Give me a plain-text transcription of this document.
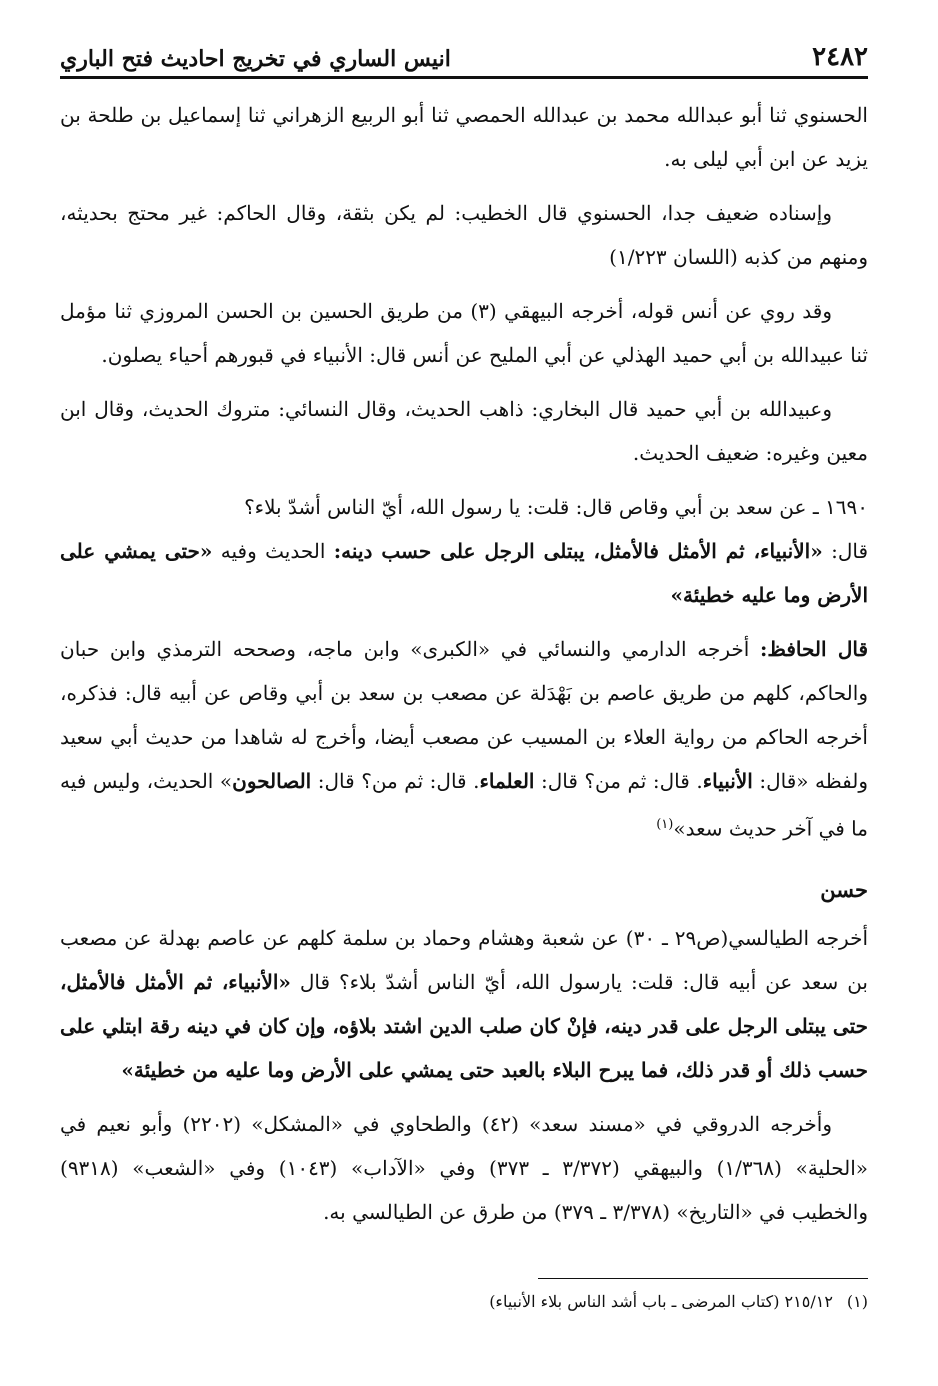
٢٤٨٢
انيس الساري في تخريج احاديث فتح الباري

الحسنوي ثنا أبو عبدالله محمد بن عبدالله الحمصي ثنا أبو الربيع الزهراني ثنا إسماعيل بن طلحة بن يزيد عن ابن أبي ليلى به.

وإسناده ضعيف جدا، الحسنوي قال الخطيب: لم يكن بثقة، وقال الحاكم: غير محتج بحديثه، ومنهم من كذبه (اللسان ١/٢٢٣)

وقد روي عن أنس قوله، أخرجه البيهقي (٣) من طريق الحسين بن الحسن المروزي ثنا مؤمل ثنا عبيدالله بن أبي حميد الهذلي عن أبي المليح عن أنس قال: الأنبياء في قبورهم أحياء يصلون.

وعبيدالله بن أبي حميد قال البخاري: ذاهب الحديث، وقال النسائي: متروك الحديث، وقال ابن معين وغيره: ضعيف الحديث.

١٦٩٠ ـ عن سعد بن أبي وقاص قال: قلت: يا رسول الله، أيّ الناس أشدّ بلاء؟
قال: «الأنبياء، ثم الأمثل فالأمثل، يبتلى الرجل على حسب دينه: الحديث وفيه «حتى يمشي على الأرض وما عليه خطيئة»

قال الحافظ: أخرجه الدارمي والنسائي في «الكبرى» وابن ماجه، وصححه الترمذي وابن حبان والحاكم، كلهم من طريق عاصم بن بَهْدَلة عن مصعب بن سعد بن أبي وقاص عن أبيه قال: فذكره، أخرجه الحاكم من رواية العلاء بن المسيب عن مصعب أيضا، وأخرج له شاهدا من حديث أبي سعيد ولفظه «قال: الأنبياء. قال: ثم من؟ قال: العلماء. قال: ثم من؟ قال: الصالحون» الحديث، وليس فيه ما في آخر حديث سعد»$^{(١)}$

حسن

أخرجه الطيالسي(ص٢٩ ـ ٣٠) عن شعبة وهشام وحماد بن سلمة كلهم عن عاصم بهدلة عن مصعب بن سعد عن أبيه قال: قلت: يارسول الله، أيّ الناس أشدّ بلاء؟ قال «الأنبياء، ثم الأمثل فالأمثل، حتى يبتلى الرجل على قدر دينه، فإنْ كان صلب الدين اشتد بلاؤه، وإن كان في دينه رقة ابتلي على حسب ذلك أو قدر ذلك، فما يبرح البلاء بالعبد حتى يمشي على الأرض وما عليه من خطيئة»

وأخرجه الدروقي في «مسند سعد» (٤٢) والطحاوي في «المشكل» (٢٢٠٢) وأبو نعيم في «الحلية» (١/٣٦٨) والبيهقي (٣/٣٧٢ ـ ٣٧٣) وفي «الآداب» (١٠٤٣) وفي «الشعب» (٩٣١٨) والخطيب في «التاريخ» (٣/٣٧٨ ـ ٣٧٩) من طرق عن الطيالسي به.

(١)٢١٥/١٢ (كتاب المرضى ـ باب أشد الناس بلاء الأنبياء)
